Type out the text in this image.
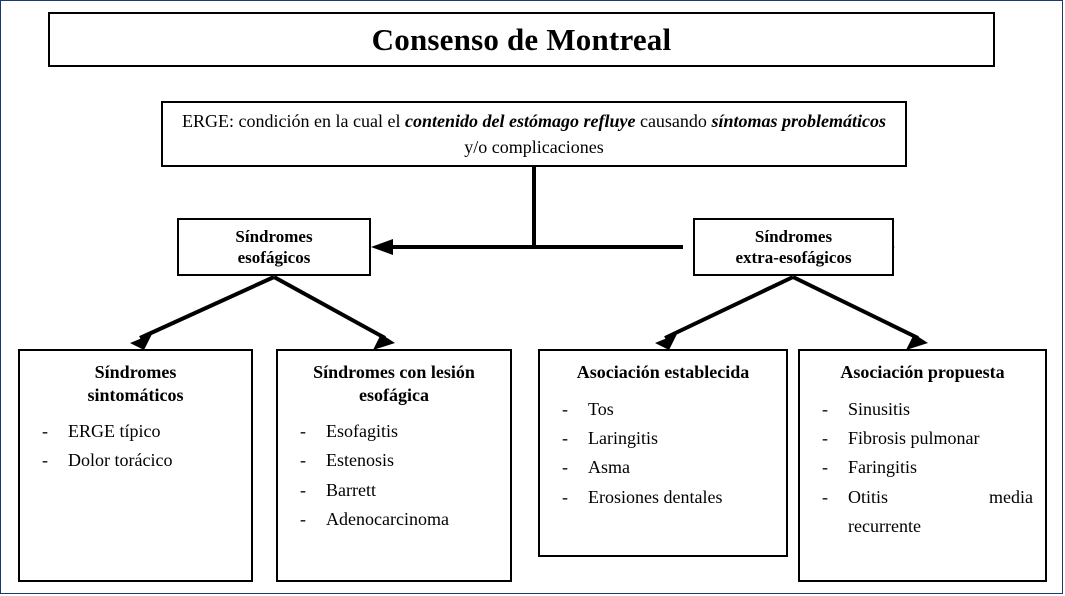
Consenso de Montreal
ERGE: condición en la cual el contenido del estómago refluye causando síntomas problemáticos y/o complicaciones
Síndromes
esofágicos
Síndromes
extra-esofágicos
Síndromes
sintomáticos
- ERGE típico
- Dolor torácico
Síndromes con lesión
esofágica
- Esofagitis
- Estenosis
- Barrett
- Adenocarcinoma
Asociación establecida
- Tos
- Laringitis
- Asma
- Erosiones dentales
Asociación propuesta
- Sinusitis
- Fibrosis pulmonar
- Faringitis
- Otitis	media
recurrente
